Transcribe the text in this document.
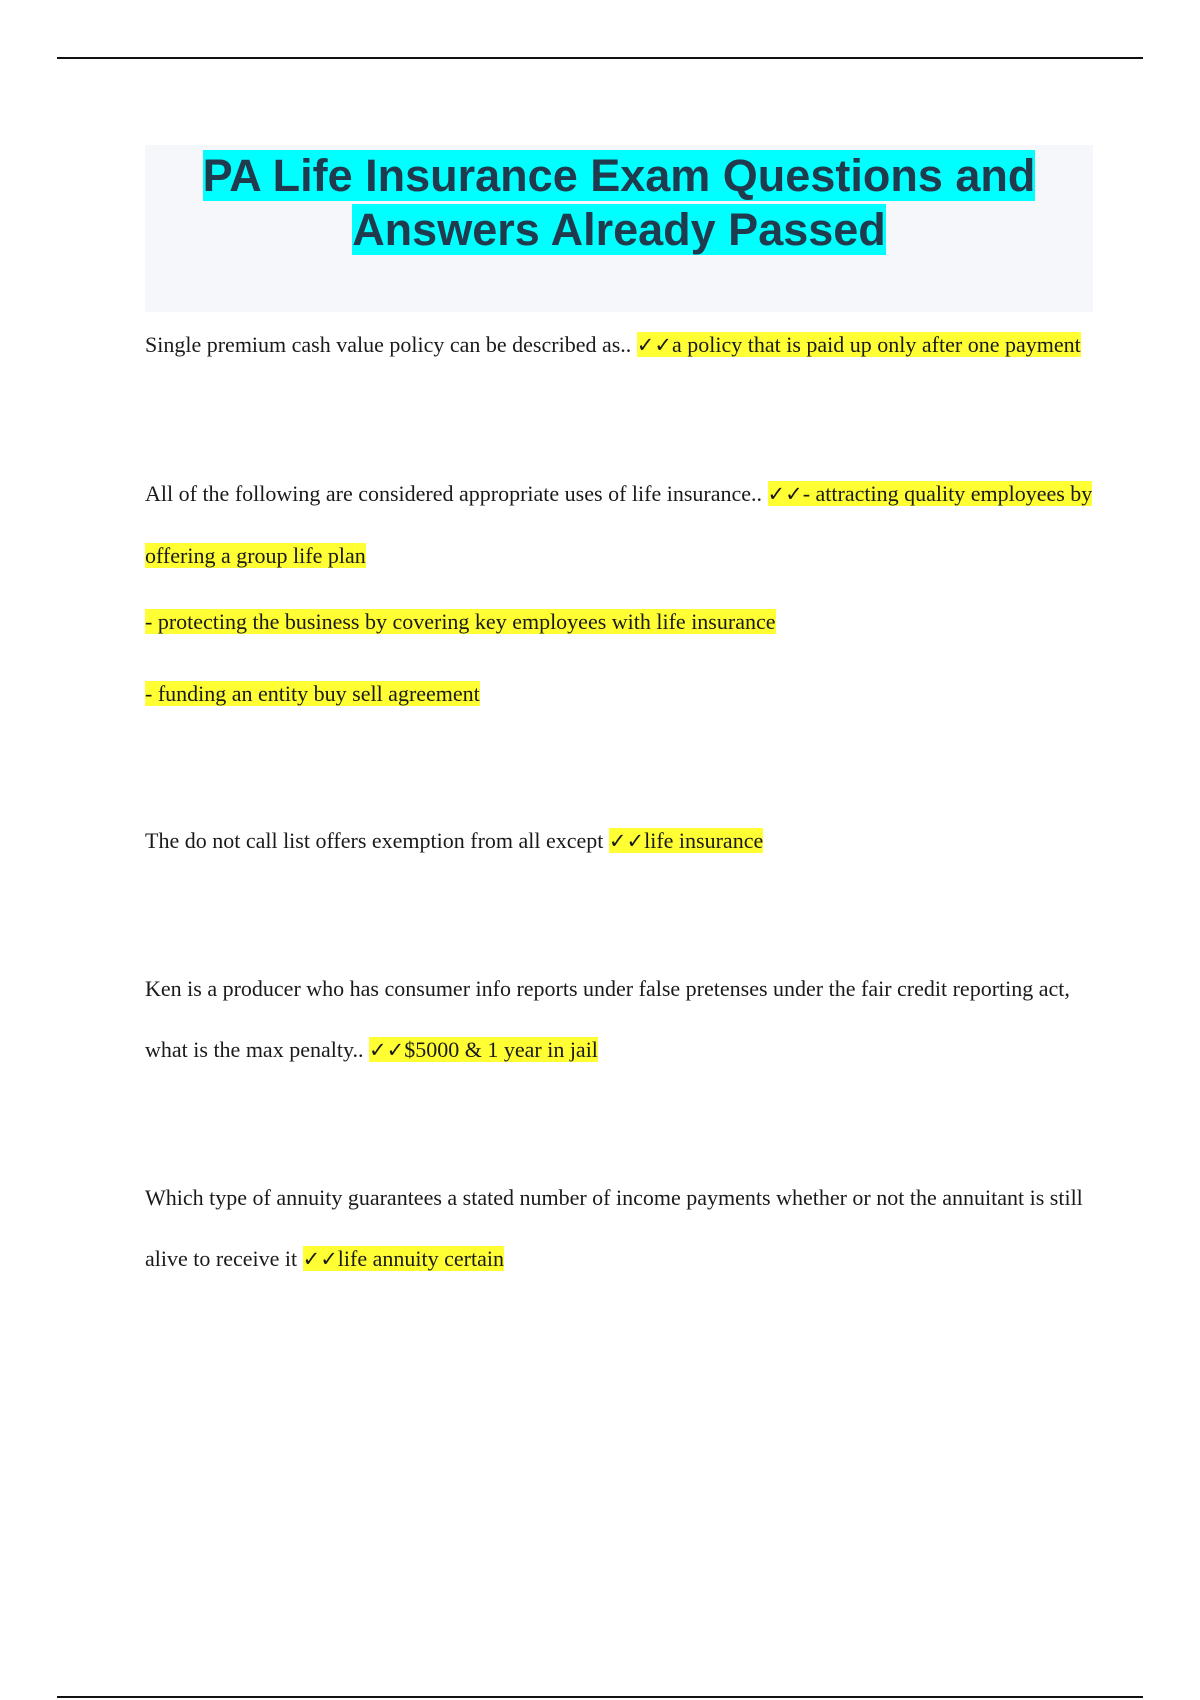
PA Life Insurance Exam Questions and
Answers Already Passed

Single premium cash value policy can be described as.. ✓✓a policy that is paid up only after one payment

All of the following are considered appropriate uses of life insurance.. ✓✓- attracting quality employees by offering a group life plan

- protecting the business by covering key employees with life insurance

- funding an entity buy sell agreement

The do not call list offers exemption from all except ✓✓life insurance

Ken is a producer who has consumer info reports under false pretenses under the fair credit reporting act, what is the max penalty.. ✓✓$5000 & 1 year in jail

Which type of annuity guarantees a stated number of income payments whether or not the annuitant is still alive to receive it ✓✓life annuity certain
